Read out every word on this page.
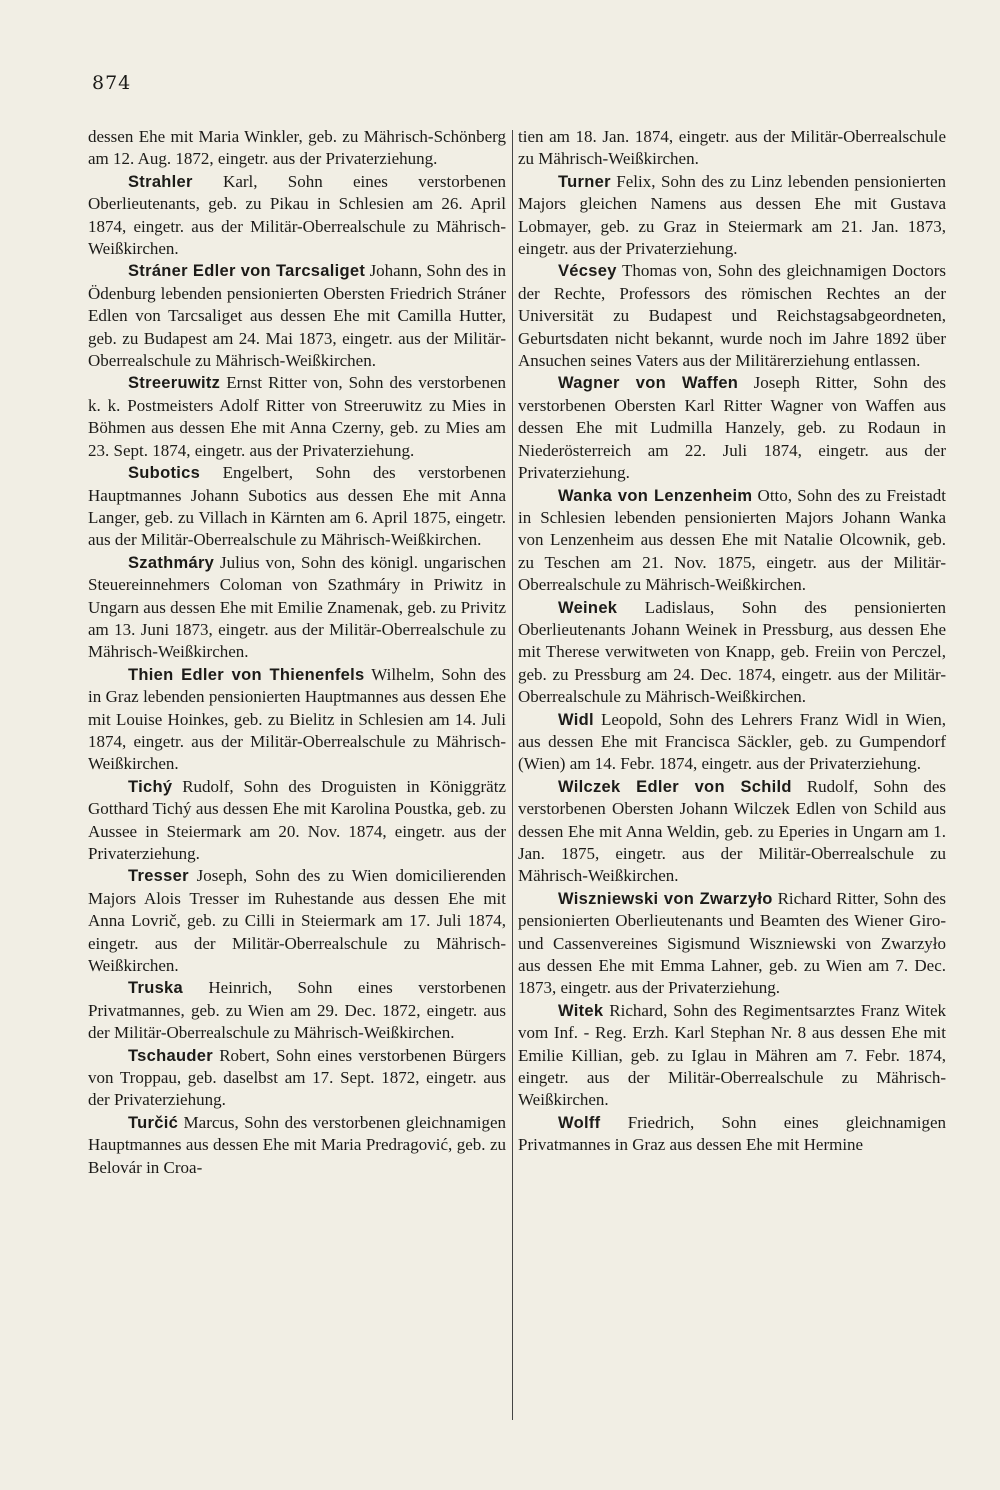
874

dessen Ehe mit Maria Winkler, geb. zu Mährisch-Schönberg am 12. Aug. 1872, eingetr. aus der Privaterziehung.

Strahler Karl, Sohn eines verstorbenen Oberlieutenants, geb. zu Pikau in Schlesien am 26. April 1874, eingetr. aus der Militär-Oberrealschule zu Mährisch-Weißkirchen.

Stráner Edler von Tarcsaliget Johann, Sohn des in Ödenburg lebenden pensionierten Obersten Friedrich Stráner Edlen von Tarcsaliget aus dessen Ehe mit Camilla Hutter, geb. zu Budapest am 24. Mai 1873, eingetr. aus der Militär-Oberrealschule zu Mährisch-Weißkirchen.

Streeruwitz Ernst Ritter von, Sohn des verstorbenen k. k. Postmeisters Adolf Ritter von Streeruwitz zu Mies in Böhmen aus dessen Ehe mit Anna Czerny, geb. zu Mies am 23. Sept. 1874, eingetr. aus der Privaterziehung.

Subotics Engelbert, Sohn des verstorbenen Hauptmannes Johann Subotics aus dessen Ehe mit Anna Langer, geb. zu Villach in Kärnten am 6. April 1875, eingetr. aus der Militär-Oberrealschule zu Mährisch-Weißkirchen.

Szathmáry Julius von, Sohn des königl. ungarischen Steuereinnehmers Coloman von Szathmáry in Priwitz in Ungarn aus dessen Ehe mit Emilie Znamenak, geb. zu Privitz am 13. Juni 1873, eingetr. aus der Militär-Oberrealschule zu Mährisch-Weißkirchen.

Thien Edler von Thienenfels Wilhelm, Sohn des in Graz lebenden pensionierten Hauptmannes aus dessen Ehe mit Louise Hoinkes, geb. zu Bielitz in Schlesien am 14. Juli 1874, eingetr. aus der Militär-Oberrealschule zu Mährisch-Weißkirchen.

Tichý Rudolf, Sohn des Droguisten in Königgrätz Gotthard Tichý aus dessen Ehe mit Karolina Poustka, geb. zu Aussee in Steiermark am 20. Nov. 1874, eingetr. aus der Privaterziehung.

Tresser Joseph, Sohn des zu Wien domicilierenden Majors Alois Tresser im Ruhestande aus dessen Ehe mit Anna Lovrič, geb. zu Cilli in Steiermark am 17. Juli 1874, eingetr. aus der Militär-Oberrealschule zu Mährisch-Weißkirchen.

Truska Heinrich, Sohn eines verstorbenen Privatmannes, geb. zu Wien am 29. Dec. 1872, eingetr. aus der Militär-Oberrealschule zu Mährisch-Weißkirchen.

Tschauder Robert, Sohn eines verstorbenen Bürgers von Troppau, geb. daselbst am 17. Sept. 1872, eingetr. aus der Privaterziehung.

Turčić Marcus, Sohn des verstorbenen gleichnamigen Hauptmannes aus dessen Ehe mit Maria Predragović, geb. zu Belovár in Croa-

tien am 18. Jan. 1874, eingetr. aus der Militär-Oberrealschule zu Mährisch-Weißkirchen.

Turner Felix, Sohn des zu Linz lebenden pensionierten Majors gleichen Namens aus dessen Ehe mit Gustava Lobmayer, geb. zu Graz in Steiermark am 21. Jan. 1873, eingetr. aus der Privaterziehung.

Vécsey Thomas von, Sohn des gleichnamigen Doctors der Rechte, Professors des römischen Rechtes an der Universität zu Budapest und Reichstagsabgeordneten, Geburtsdaten nicht bekannt, wurde noch im Jahre 1892 über Ansuchen seines Vaters aus der Militärerziehung entlassen.

Wagner von Waffen Joseph Ritter, Sohn des verstorbenen Obersten Karl Ritter Wagner von Waffen aus dessen Ehe mit Ludmilla Hanzely, geb. zu Rodaun in Niederösterreich am 22. Juli 1874, eingetr. aus der Privaterziehung.

Wanka von Lenzenheim Otto, Sohn des zu Freistadt in Schlesien lebenden pensionierten Majors Johann Wanka von Lenzenheim aus dessen Ehe mit Natalie Olcownik, geb. zu Teschen am 21. Nov. 1875, eingetr. aus der Militär-Oberrealschule zu Mährisch-Weißkirchen.

Weinek Ladislaus, Sohn des pensionierten Oberlieutenants Johann Weinek in Pressburg, aus dessen Ehe mit Therese verwitweten von Knapp, geb. Freiin von Perczel, geb. zu Pressburg am 24. Dec. 1874, eingetr. aus der Militär-Oberrealschule zu Mährisch-Weißkirchen.

Widl Leopold, Sohn des Lehrers Franz Widl in Wien, aus dessen Ehe mit Francisca Säckler, geb. zu Gumpendorf (Wien) am 14. Febr. 1874, eingetr. aus der Privaterziehung.

Wilczek Edler von Schild Rudolf, Sohn des verstorbenen Obersten Johann Wilczek Edlen von Schild aus dessen Ehe mit Anna Weldin, geb. zu Eperies in Ungarn am 1. Jan. 1875, eingetr. aus der Militär-Oberrealschule zu Mährisch-Weißkirchen.

Wiszniewski von Zwarzyło Richard Ritter, Sohn des pensionierten Oberlieutenants und Beamten des Wiener Giro- und Cassenvereines Sigismund Wiszniewski von Zwarzyło aus dessen Ehe mit Emma Lahner, geb. zu Wien am 7. Dec. 1873, eingetr. aus der Privaterziehung.

Witek Richard, Sohn des Regimentsarztes Franz Witek vom Inf. - Reg. Erzh. Karl Stephan Nr. 8 aus dessen Ehe mit Emilie Killian, geb. zu Iglau in Mähren am 7. Febr. 1874, eingetr. aus der Militär-Oberrealschule zu Mährisch-Weißkirchen.

Wolff Friedrich, Sohn eines gleichnamigen Privatmannes in Graz aus dessen Ehe mit Hermine
